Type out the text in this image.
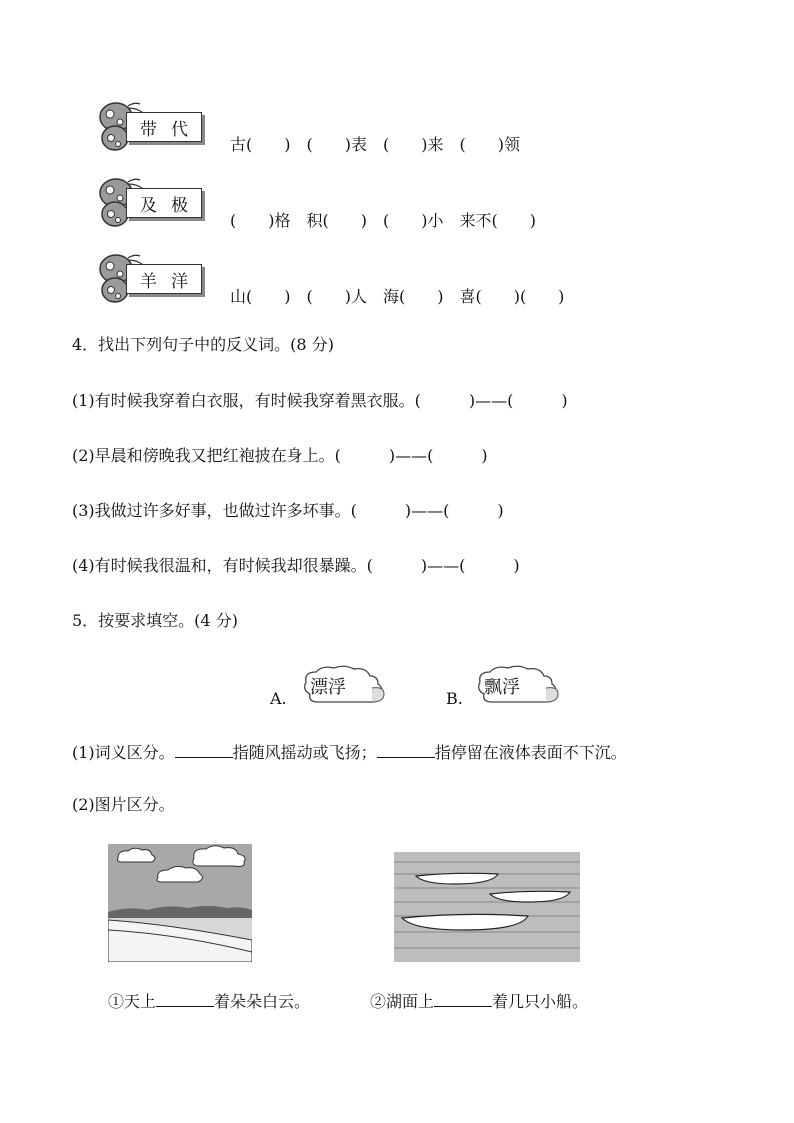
带 代
古(　　)　(　　)表　(　　)来　(　　)领
及 极
(　　)格　积(　　)　(　　)小　来不(　　)
羊 洋
山(　　)　(　　)人　海(　　)　喜(　　)(　　)
4．找出下列句子中的反义词。(8 分)
(1)有时候我穿着白衣服，有时候我穿着黑衣服。(　　　)——(　　　)
(2)早晨和傍晚我又把红袍披在身上。(　　　)——(　　　)
(3)我做过许多好事，也做过许多坏事。(　　　)——(　　　)
(4)有时候我很温和，有时候我却很暴躁。(　　　)——(　　　)
5．按要求填空。(4 分)
A.
漂浮
B.
飘浮
(1)词义区分。	指随风摇动或飞扬；	指停留在液体表面不下沉。
(2)图片区分。
①天上	着朵朵白云。	②湖面上	着几只小船。
